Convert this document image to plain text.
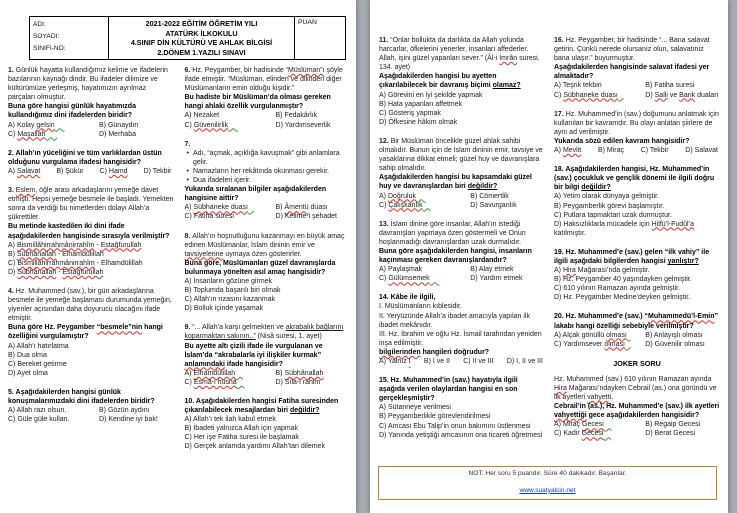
ADI:
SOYADI:
SINIFI-NO:

2021-2022 EĞİTİM ÖĞRETİM YILI
ATATÜRK İLKOKULU
4.SINIF DİN KÜLTÜRÜ VE AHLAK BİLGİSİ
2.DÖNEM 1.YAZILI SINAVI

PUAN
1. Günlük hayatta kullandığımız kelime ve ifadelerin bazılarının kaynağı dindir. Bu ifadeler dilimize ve kültürümüze yerleşmiş, hayatımızın ayrılmaz parçaları olmuştur.
Buna göre hangisi günlük hayatımızda kullandığımız dini ifadelerden biridir?
A) Kolay gelsin	B) Günaydın
C) Maşallah	D) Merhaba
2. Allah’ın yüceliğini ve tüm varlıklardan üstün olduğunu vurgulama ifadesi hangisidir?
A) Salavat B) Şükür C) Hamd D) Tekbir
3. Eslem, öğle arası arkadaşlarını yemeğe davet etmişti. Hepsi yemeğe besmele ile başladı. Yemekten sonra da verdiği bu nimetlerden dolayı Allah’a şükrettiler.
Bu metinde kastedilen iki dini ifade aşağıdakilerden hangisinde sırasıyla verilmiştir?
A) Bismillâhirrahmânirrahîm - Estağfurullah
B) Sübhânallah - Elhamdülillah
C) Bismillâhirrahmânirrahîm - Elhamdülillah
D) Sübhânallah - Estağfurullah
4. Hz. Muhammed (sav.), bir gün arkadaşlarına besmele ile yemeğe başlaması durumunda yemeğin, yiyenler açısından daha doyurucu olacağını ifade etmiştir.
Buna göre Hz. Peygamber “besmele”nin hangi özelliğini vurgulamıştır?
A) Allah’ı hatırlatma
B) Dua olma
C) Bereket getirme
D) Ayet olma
5. Aşağıdakilerden hangisi günlük konuşmalarımızdaki dini ifadelerden biridir?
A) Allah razı olsun.	B) Gözün aydını
C) Güle güle kullan.	D) Kendine iyi bak!
6. Hz. Peygamber, bir hadisinde “Müslüman”ı şöyle ifade etmiştir. “Müslüman, elinden ve dilinden diğer Müslümanların emin olduğu kişidir.”
Bu hadiste bir Müslüman’da olması gereken hangi ahlaki özellik vurgulanmıştır?
A) Nezaket	B) Fedakârlık
C) Güvenilirlik	D) Yardımseverlik
7.
• Adı, “açmak, açıklığa kavuşmak” gibi anlamlara gelir.
• Namazların her rekâtında okunması gerekir.
• Dua ifadeleri içerir.
Yukarıda sıralanan bilgiler aşağıdakilerden hangisine aittir?
A) Sübhaneke duası	B) Âmentü duası
C) Fatiha suresi	D) Kelime-i şehadet
8. Allah’ın hoşnutluğunu kazanmayı en büyük amaç edinen Müslümanlar, İslam dininin emir ve tavsiyelerine uymaya özen gösterirler.
Buna göre, Müslümanları güzel davranışlarda bulunmaya yönelten asıl amaç hangisidir?
A) İnsanların gözüne girmek
B) Toplumda başarılı biri olmak
C) Allah’ın rızasını kazanmak
D) Bolluk içinde yaşamak
9. “... Allah’a karşı gelmekten ve akrabalık bağlarını koparmaktan sakının..” (Nisâ suresi, 1. ayet)
Bu ayette altı çizili ifade ile vurgulanan ve İslam’da “akrabalarla iyi ilişkiler kurmak” anlamındaki ifade hangisidir?
A) Elhamdülillah	B) Sübhânallah
C) Esmâ-i hüsnâ	D) Sıla-i rahim
10. Aşağıdakilerden hangisi Fatiha suresinden çıkarılabilecek mesajlardan biri değildir?
A) Allah’ı tek ilah kabul etmek
B) İbadeti yalnızca Allah için yapmak
C) Her işe Fatiha suresi ile başlamak
D) Gerçek anlamda yardımı Allah’tan dilemek
11. “Onlar bollukta da darlıkta da Allah yolunda harcarlar, öfkelerini yenerler, insanları affederler. Allah, işini güzel yapanları sever.” (Âl-i İmrân suresi, 134. ayet)
Aşağıdakilerden hangisi bu ayetten çıkarılabilecek bir davranış biçimi olamaz?
A) Görevini en iyi şekilde yapmak
B) Hata yapanları affetmek
C) Gösteriş yapmak
D) Öfkesine hâkim olmak
12. Bir Müslüman öncelikle güzel ahlak sahibi olmalıdır. Bunun için de İslam dininin emir, tavsiye ve yasaklarına dikkat etmeli; güzel huy ve davranışlara sahip olmalıdır.
Aşağıdakilerden hangisi bu kapsamdaki güzel huy ve davranışlardan biri değildir?
A) Doğruluk	B) Cömertlik
C) Çalışkanlık	D) Savurganlık
13. İslam dinine göre insanlar, Allah’ın istediği davranışları yapmaya özen göstermeli ve Onun hoşlanmadığı davranışlardan uzak durmalıdır.
Buna göre aşağıdakilerden hangisi, insanların kaçınması gereken davranışlardandır?
A) Paylaşmak	B) Alay etmek
C) Gülümsemek	D) Yardım etmek
14. Kâbe ile ilgili,
I. Müslümanların kıblesidir.
II. Yeryüzünde Allah’a ibadet amacıyla yapılan ilk ibadet mekânıdır.
III. Hz. İbrahim ve oğlu Hz. İsmail tarafından yeniden inşa edilmiştir.
bilgilerinden hangileri doğrudur?
A) Yalnız I B) I ve II C) II ve III D) I, II ve III
15. Hz. Muhammed’in (sav.) hayatıyla ilgili aşağıda verilen olaylardan hangisi en son gerçekleşmiştir?
A) Sütanneye verilmesi
B) Peygamberlikle görevlendirilmesi
C) Amcası Ebu Talip’in onun bakımını üstlenmesi
D) Yanında yetiştiği amcasının ona ticareti öğretmesi
16. Hz. Peygamber, bir hadisinde “... Bana salavat getirin. Çünkü nerede olursanız olun, salavatınız bana ulaşır.” buyurmuştur.
Aşağıdakilerden hangisinde salavat ifadesi yer almaktadır?
A) Teşrik tekbiri	B) Fatiha suresi
C) Sübhaneke duası	D) Salli ve Barik duaları
17. Hz. Muhammed’in (sav.) doğumunu anlatmak için kullanılan bir kavramdır. Bu olayı anlatan şiirlere de aynı ad verilmiştir.
Yukarıda sözü edilen kavram hangisidir?
A) Mevlit B) Miraç C) Tekbir D) Salavat
18. Aşağıdakilerden hangisi, Hz. Muhammed’in (sav.) çocukluk ve gençlik dönemi ile ilgili doğru bir bilgi değildir?
A) Yetim olarak dünyaya gelmiştir.
B) Peygamberlik görevi başlamıştır.
C) Putlara tapmaktan uzak durmuştur.
D) Haksızlıklarla mücadele için Hilfü’l-Fudûl’a katılmıştır.
19. Hz. Muhammed’e (sav.) gelen “ilk vahiy” ile ilgili aşağıdaki bilgilerden hangisi yanlıştır?
A) Hira Mağarası’nda gelmiştir.
B) Hz. Peygamber 40 yaşındayken gelmiştir.
C) 610 yılının Ramazan ayında gelmiştir.
D) Hz. Peygamber Medine’deyken gelmiştir.
20. Hz. Muhammed’e (sav.) “Muhammedü’l-Emin” lakabı hangi özelliği sebebiyle verilmiştir?
A) Alçak gönüllü olması	B) Anlayışlı olması
C) Yardımsever olması	D) Güvenilir olması
JOKER SORU
Hz. Muhammed (sav.) 610 yılının Ramazan ayında Hira Mağarası’ndayken Cebrail (as.) ona göründü ve ilk ayetleri vahyetti.
Cebrail’in (as.), Hz. Muhammed’e (sav.) ilk ayetleri vahyettiği gece aşağıdakilerden hangisidir?
A) Miraç Gecesi	B) Regaip Gecesi
C) Kadir Gecesi	D) Berat Gecesi
NOT: Her soru 5 puandır. Süre 40 dakikadır. Başarılar.
www.suatyalcin.net
